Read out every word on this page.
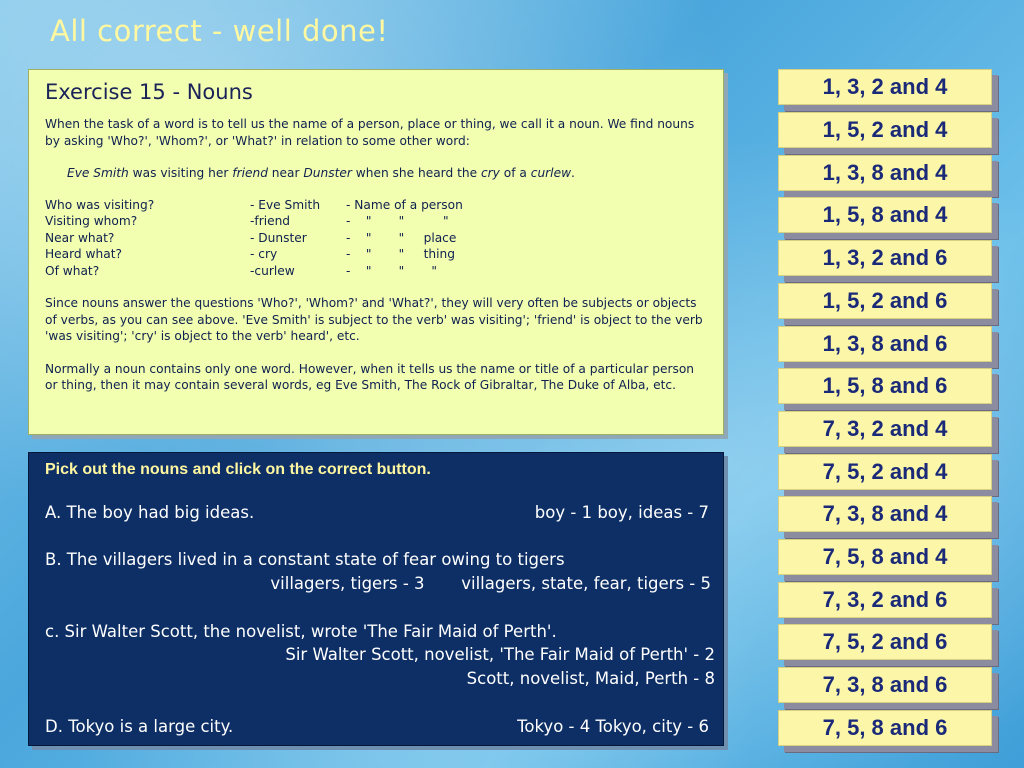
All correct - well done!
Exercise 15 - Nouns

When the task of a word is to tell us the name of a person, place or thing, we call it a noun. We find nouns by asking 'Who?', 'Whom?', or 'What?' in relation to some other word:

Eve Smith was visiting her friend near Dunster when she heard the cry of a curlew.
Who was visiting?	- Eve Smith	- Name of a person
Visiting whom?	-friend	-    "       "          "
Near what?	- Dunster	-    "       "     place
Heard what?	- cry	-    "       "     thing
Of what?	-curlew	-    "       "       "

Since nouns answer the questions 'Who?', 'Whom?' and 'What?', they will very often be subjects or objects of verbs, as you can see above. 'Eve Smith' is subject to the verb' was visiting'; 'friend' is object to the verb 'was visiting'; 'cry' is object to the verb' heard', etc.

Normally a noun contains only one word. However, when it tells us the name or title of a particular person or thing, then it may contain several words, eg Eve Smith, The Rock of Gibraltar, The Duke of Alba, etc.

Pick out the nouns and click on the correct button.
A. The boy had big ideas.	boy - 1 boy, ideas - 7
B. The villagers lived in a constant state of fear owing to tigers
villagers, tigers - 3       villagers, state, fear, tigers - 5
c. Sir Walter Scott, the novelist, wrote 'The Fair Maid of Perth'.
Sir Walter Scott, novelist, 'The Fair Maid of Perth' - 2
Scott, novelist, Maid, Perth - 8
D. Tokyo is a large city.	Tokyo - 4 Tokyo, city - 6
1, 3, 2 and 4
1, 5, 2 and 4
1, 3, 8 and 4
1, 5, 8 and 4
1, 3, 2 and 6
1, 5, 2 and 6
1, 3, 8 and 6
1, 5, 8 and 6
7, 3, 2 and 4
7, 5, 2 and 4
7, 3, 8 and 4
7, 5, 8 and 4
7, 3, 2 and 6
7, 5, 2 and 6
7, 3, 8 and 6
7, 5, 8 and 6
